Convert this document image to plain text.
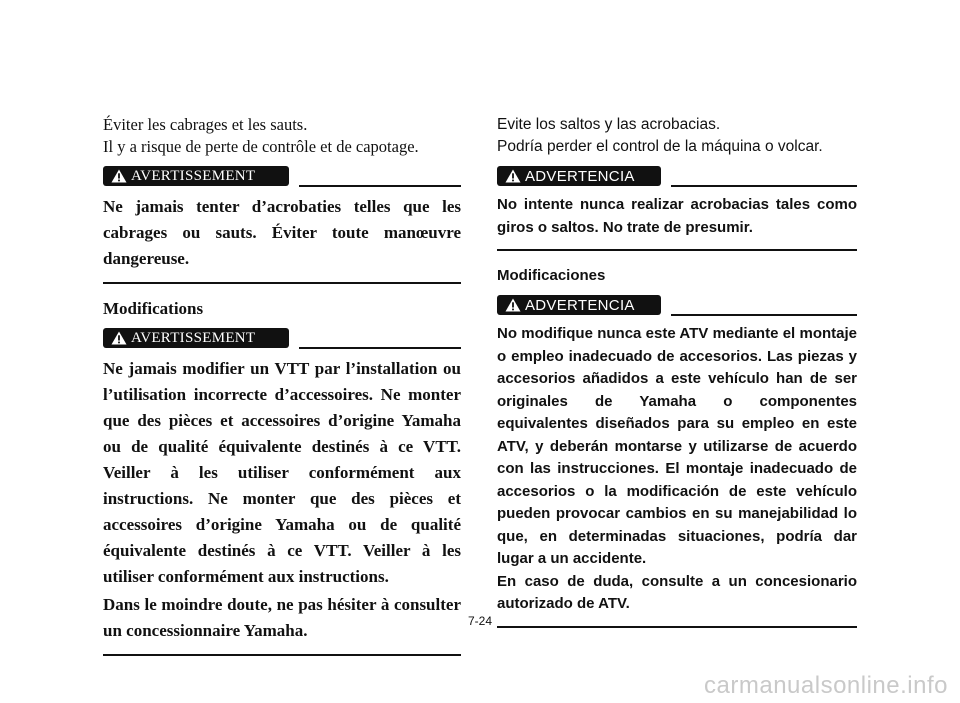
Éviter les cabrages et les sauts.

Il y a risque de perte de contrôle et de capotage.

AVERTISSEMENT

Ne jamais tenter d’acrobaties telles que les cabrages ou sauts. Éviter toute manœuvre dangereuse.

Modifications

AVERTISSEMENT

Ne jamais modifier un VTT par l’installation ou l’utilisation incorrecte d’accessoires. Ne monter que des pièces et accessoires d’origine Yamaha ou de qualité équivalente destinés à ce VTT. Veiller à les utiliser conformément aux instructions. Ne monter que des pièces et accessoires d’origine Yamaha ou de qualité équivalente destinés à ce VTT. Veiller à les utiliser conformément aux instructions.

Dans le moindre doute, ne pas hésiter à consulter un concessionnaire Yamaha.

Evite los saltos y las acrobacias.

Podría perder el control de la máquina o volcar.

ADVERTENCIA

No intente nunca realizar acrobacias tales como giros o saltos. No trate de presumir.

Modificaciones

ADVERTENCIA

No modifique nunca este ATV mediante el montaje o empleo inadecuado de accesorios. Las piezas y accesorios añadidos a este vehículo han de ser originales de Yamaha o componentes equivalentes diseñados para su empleo en este ATV, y deberán montarse y utilizarse de acuerdo con las instrucciones. El montaje inadecuado de accesorios o la modificación de este vehículo pueden provocar cambios en su manejabilidad lo que, en determinadas situaciones, podría dar lugar a un accidente.

En caso de duda, consulte a un concesionario autorizado de ATV.

7-24
carmanualsonline.info
